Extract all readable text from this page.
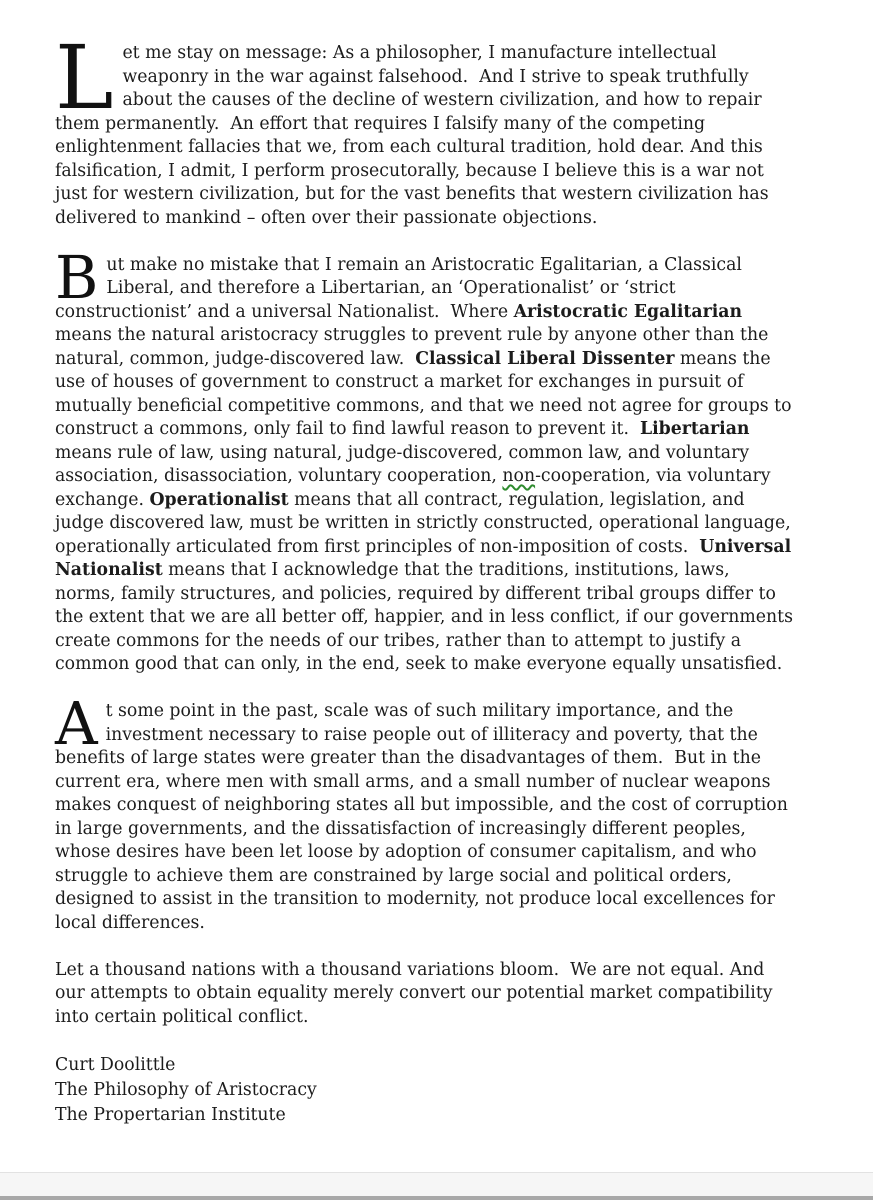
Let me stay on message: As a philosopher, I manufacture intellectual weaponry in the war against falsehood.  And I strive to speak truthfully about the causes of the decline of western civilization, and how to repair them permanently.  An effort that requires I falsify many of the competing enlightenment fallacies that we, from each cultural tradition, hold dear. And this falsification, I admit, I perform prosecutorally, because I believe this is a war not just for western civilization, but for the vast benefits that western civilization has delivered to mankind – often over their passionate objections.
But make no mistake that I remain an Aristocratic Egalitarian, a Classical Liberal, and therefore a Libertarian, an ‘Operationalist’ or ‘strict constructionist’ and a universal Nationalist.  Where Aristocratic Egalitarian means the natural aristocracy struggles to prevent rule by anyone other than the natural, common, judge-discovered law.  Classical Liberal Dissenter means the use of houses of government to construct a market for exchanges in pursuit of mutually beneficial competitive commons, and that we need not agree for groups to construct a commons, only fail to find lawful reason to prevent it.  Libertarian means rule of law, using natural, judge-discovered, common law, and voluntary association, disassociation, voluntary cooperation, non-cooperation, via voluntary exchange. Operationalist means that all contract, regulation, legislation, and judge discovered law, must be written in strictly constructed, operational language, operationally articulated from first principles of non-imposition of costs.  Universal Nationalist means that I acknowledge that the traditions, institutions, laws, norms, family structures, and policies, required by different tribal groups differ to the extent that we are all better off, happier, and in less conflict, if our governments create commons for the needs of our tribes, rather than to attempt to justify a common good that can only, in the end, seek to make everyone equally unsatisfied.
At some point in the past, scale was of such military importance, and the investment necessary to raise people out of illiteracy and poverty, that the benefits of large states were greater than the disadvantages of them.  But in the current era, where men with small arms, and a small number of nuclear weapons makes conquest of neighboring states all but impossible, and the cost of corruption in large governments, and the dissatisfaction of increasingly different peoples, whose desires have been let loose by adoption of consumer capitalism, and who struggle to achieve them are constrained by large social and political orders, designed to assist in the transition to modernity, not produce local excellences for local differences.
Let a thousand nations with a thousand variations bloom.  We are not equal. And our attempts to obtain equality merely convert our potential market compatibility into certain political conflict.
Curt Doolittle
The Philosophy of Aristocracy
The Propertarian Institute
